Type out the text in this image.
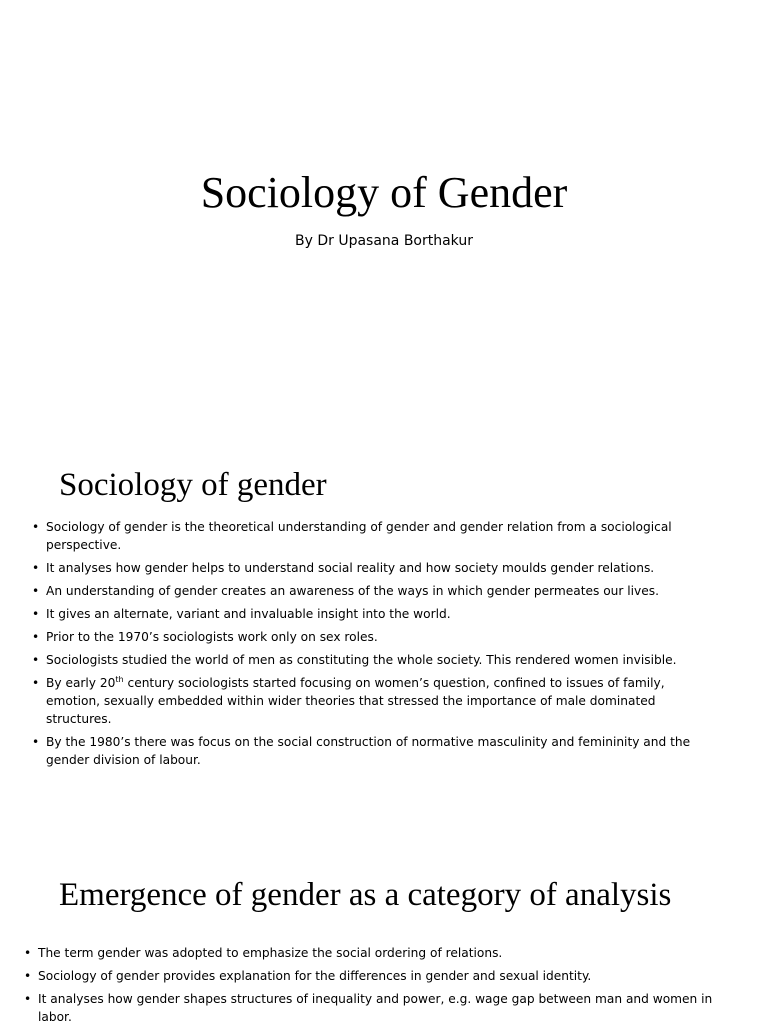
Sociology of Gender
By Dr Upasana Borthakur
Sociology of gender
• Sociology of gender is the theoretical understanding of gender and gender relation from a sociological perspective.
• It analyses how gender helps to understand social reality and how society moulds gender relations.
• An understanding of gender creates an awareness of the ways in which gender permeates our lives.
• It gives an alternate, variant and invaluable insight into the world.
• Prior to the 1970’s sociologists work only on sex roles.
• Sociologists studied the world of men as constituting the whole society. This rendered women invisible.
• By early 20th century sociologists started focusing on women’s question, confined to issues of family, emotion, sexually embedded within wider theories that stressed the importance of male dominated structures.
• By the 1980’s there was focus on the social construction of normative masculinity and femininity and the gender division of labour.
Emergence of gender as a category of analysis
• The term gender was adopted to emphasize the social ordering of relations.
• Sociology of gender provides explanation for the differences in gender and sexual identity.
• It analyses how gender shapes structures of inequality and power, e.g. wage gap between man and women in labor.
